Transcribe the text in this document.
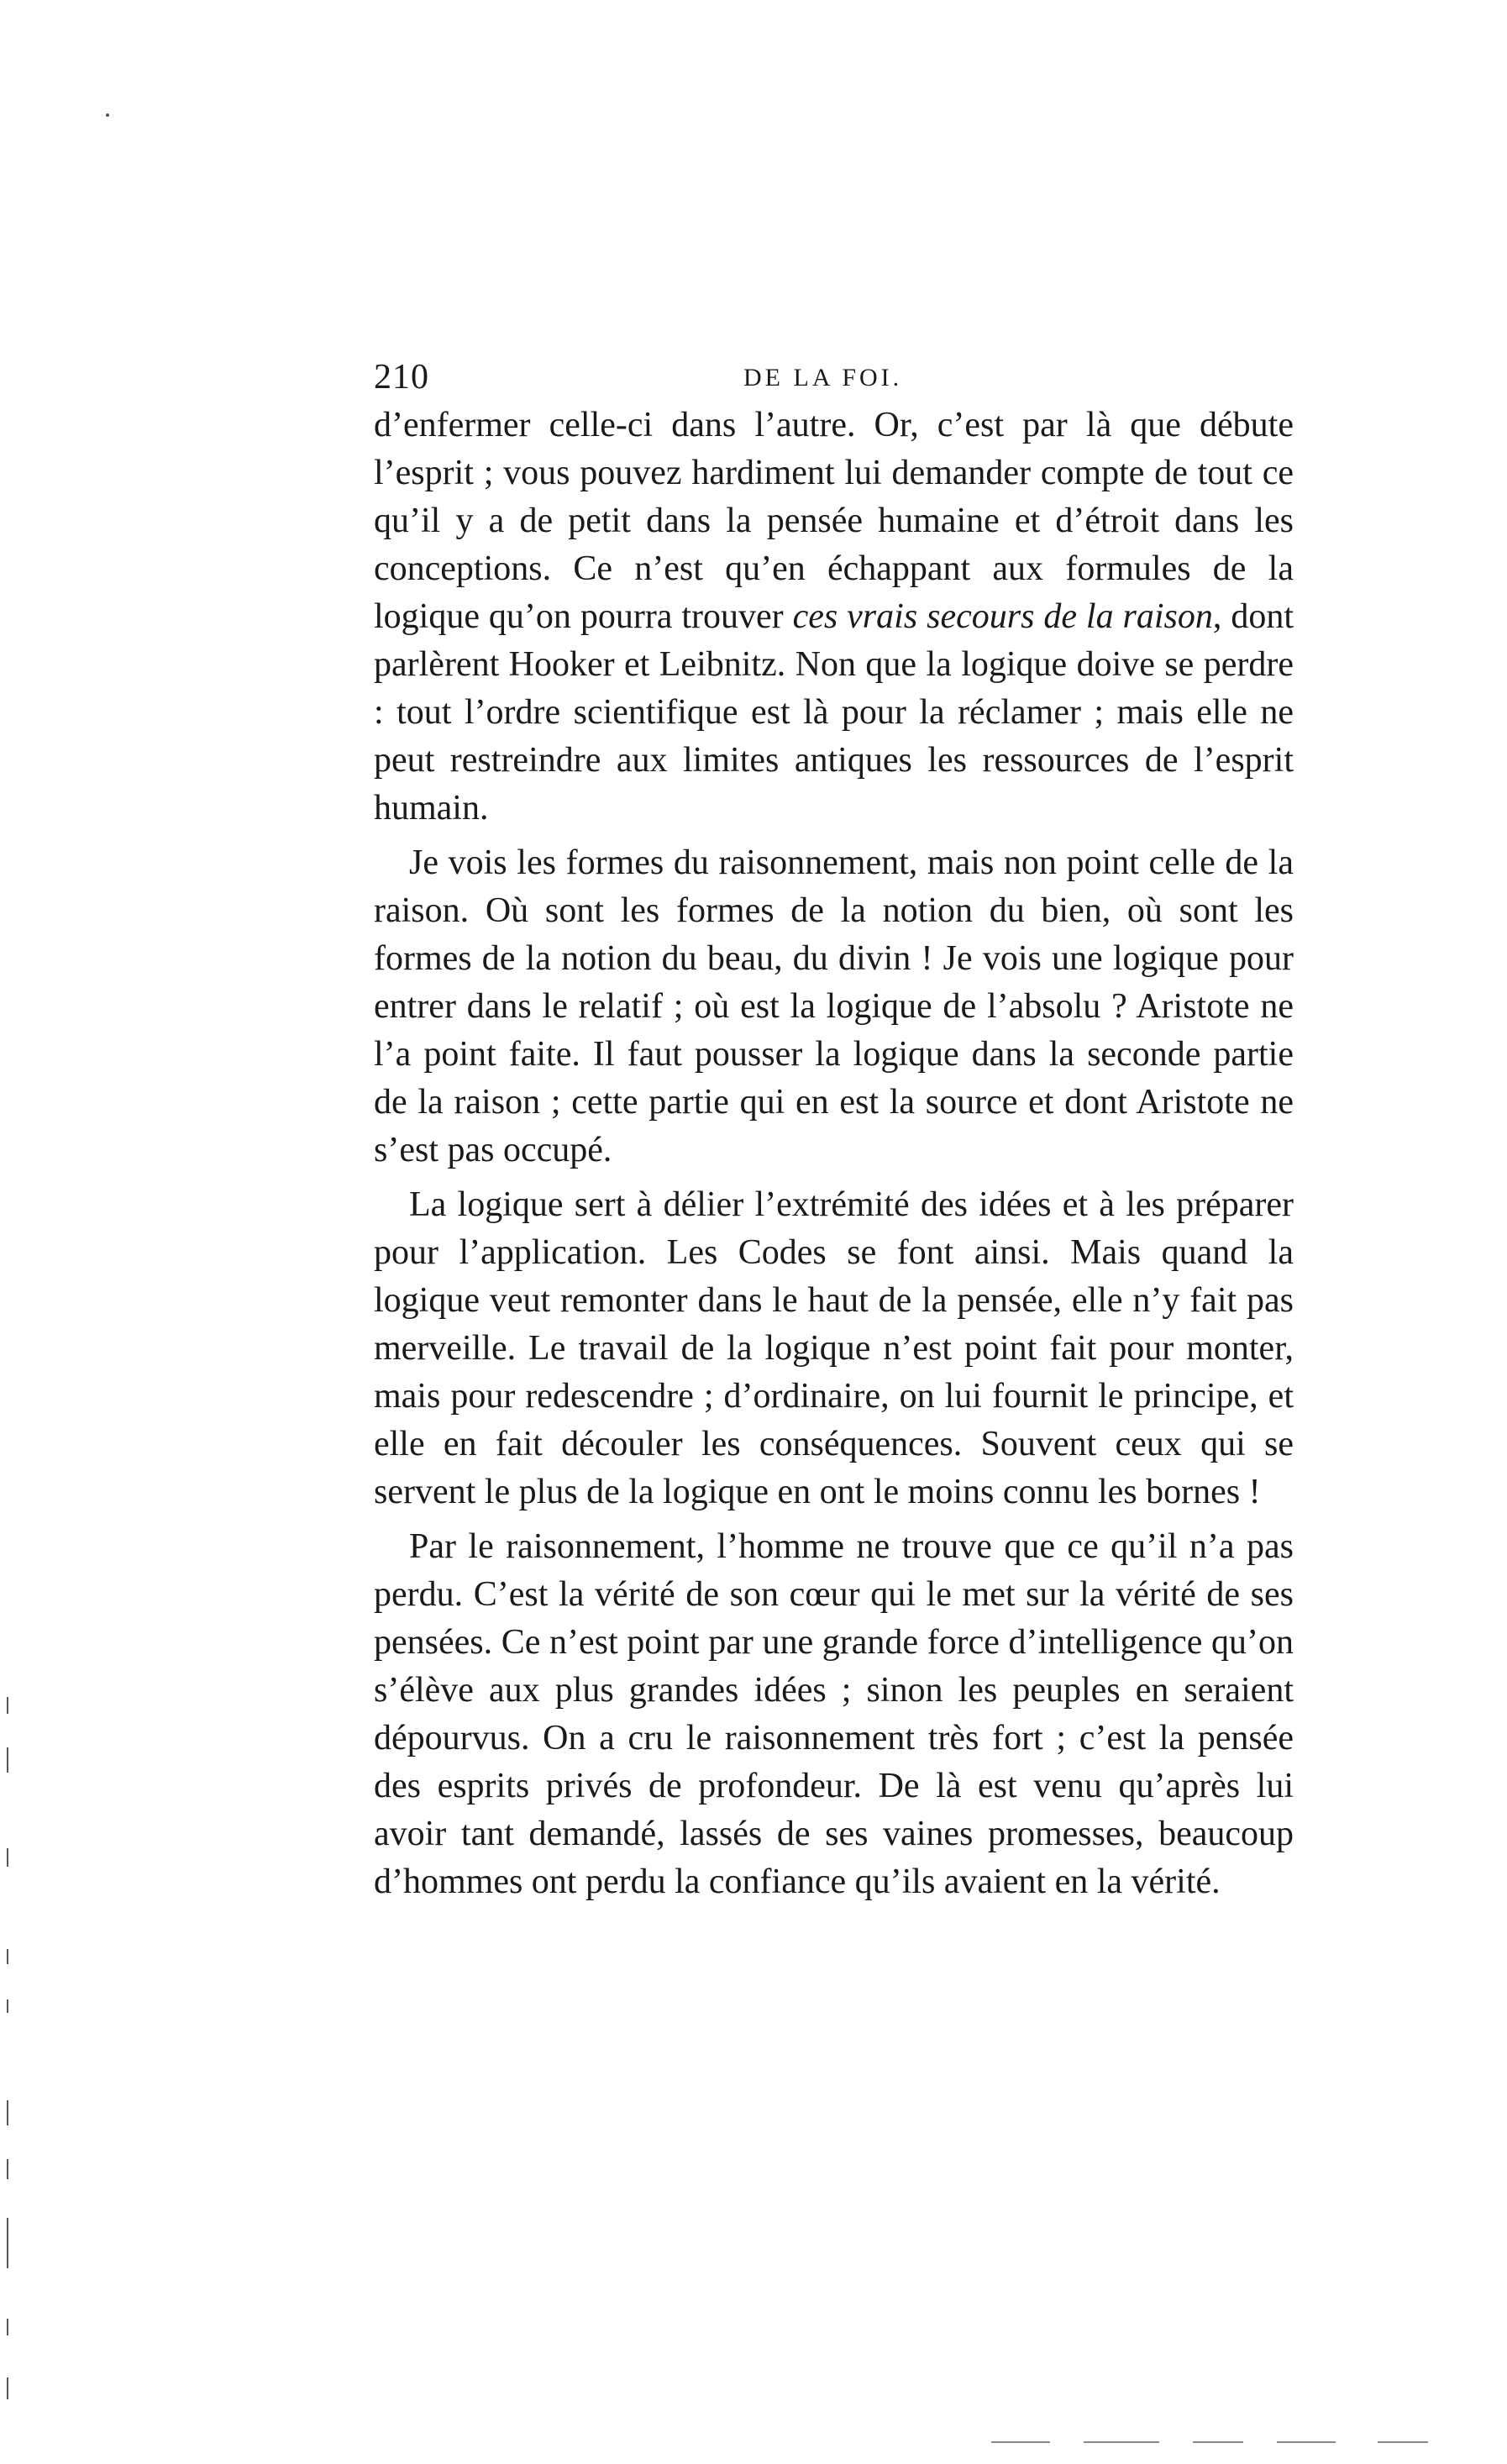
210	DE LA FOI.

d’enfermer celle-ci dans l’autre. Or, c’est par là que débute l’esprit ; vous pouvez hardiment lui demander compte de tout ce qu’il y a de petit dans la pensée humaine et d’étroit dans les conceptions. Ce n’est qu’en échappant aux formules de la logique qu’on pourra trouver ces vrais secours de la raison, dont parlèrent Hooker et Leibnitz. Non que la logique doive se perdre : tout l’ordre scientifique est là pour la réclamer ; mais elle ne peut restreindre aux limites antiques les ressources de l’esprit humain.

Je vois les formes du raisonnement, mais non point celle de la raison. Où sont les formes de la notion du bien, où sont les formes de la notion du beau, du divin ! Je vois une logique pour entrer dans le relatif ; où est la logique de l’absolu ? Aristote ne l’a point faite. Il faut pousser la logique dans la seconde partie de la raison ; cette partie qui en est la source et dont Aristote ne s’est pas occupé.

La logique sert à délier l’extrémité des idées et à les préparer pour l’application. Les Codes se font ainsi. Mais quand la logique veut remonter dans le haut de la pensée, elle n’y fait pas merveille. Le travail de la logique n’est point fait pour monter, mais pour redescendre ; d’ordinaire, on lui fournit le principe, et elle en fait découler les conséquences. Souvent ceux qui se servent le plus de la logique en ont le moins connu les bornes !

Par le raisonnement, l’homme ne trouve que ce qu’il n’a pas perdu. C’est la vérité de son cœur qui le met sur la vérité de ses pensées. Ce n’est point par une grande force d’intelligence qu’on s’élève aux plus grandes idées ; sinon les peuples en seraient dépourvus. On a cru le raisonnement très fort ; c’est la pensée des esprits privés de profondeur. De là est venu qu’après lui avoir tant demandé, lassés de ses vaines promesses, beaucoup d’hommes ont perdu la confiance qu’ils avaient en la vérité.
